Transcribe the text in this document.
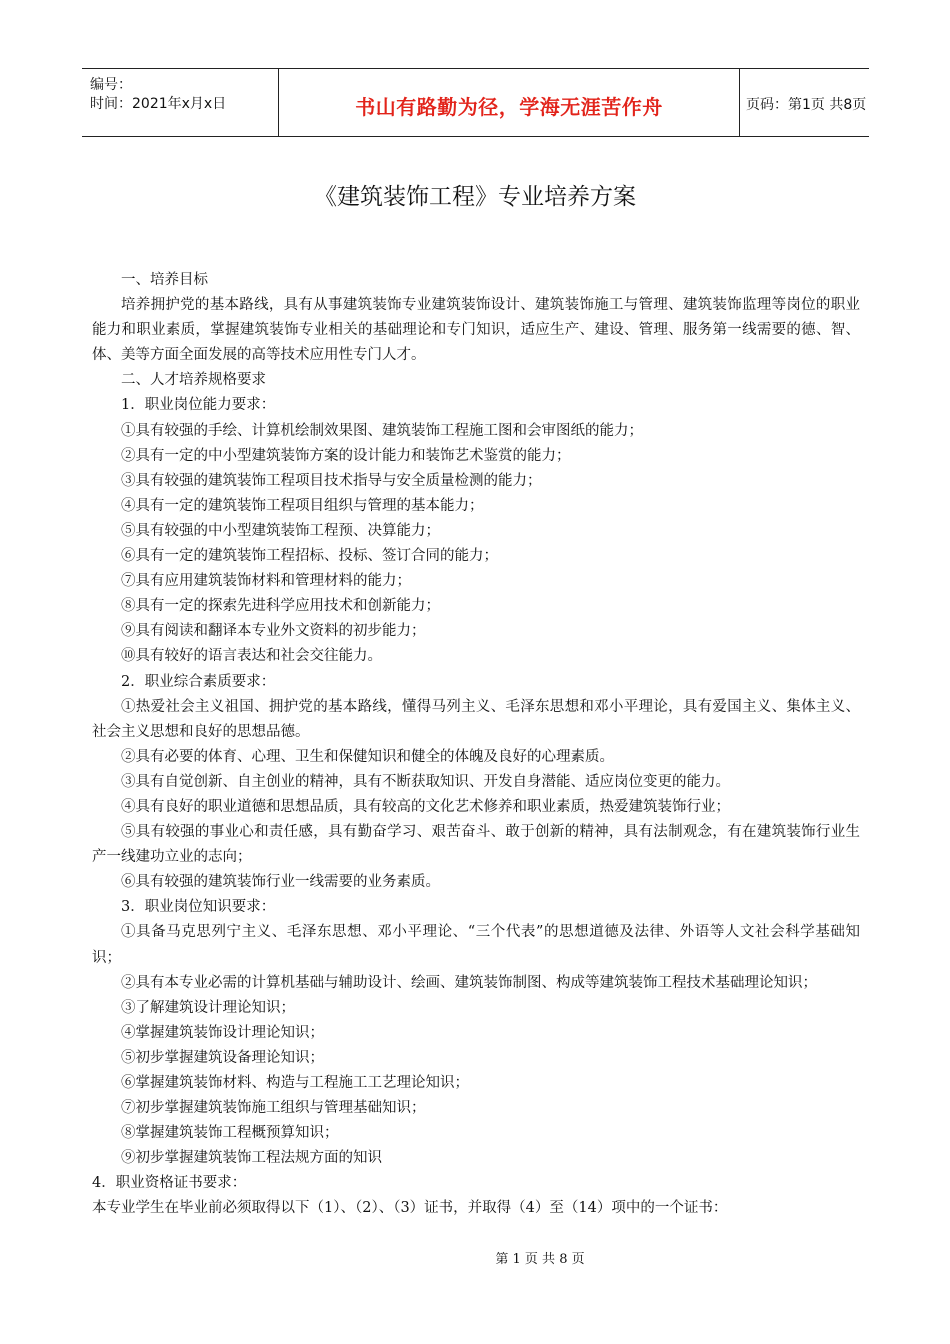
编号：
时间：2021年x月x日	书山有路勤为径，学海无涯苦作舟	页码：第1页 共8页
《建筑装饰工程》专业培养方案

一、培养目标

培养拥护党的基本路线，具有从事建筑装饰专业建筑装饰设计、建筑装饰施工与管理、建筑装饰监理等岗位的职业能力和职业素质，掌握建筑装饰专业相关的基础理论和专门知识，适应生产、建设、管理、服务第一线需要的德、智、体、美等方面全面发展的高等技术应用性专门人才。

二、人才培养规格要求

1．职业岗位能力要求：

①具有较强的手绘、计算机绘制效果图、建筑装饰工程施工图和会审图纸的能力；

②具有一定的中小型建筑装饰方案的设计能力和装饰艺术鉴赏的能力；

③具有较强的建筑装饰工程项目技术指导与安全质量检测的能力；

④具有一定的建筑装饰工程项目组织与管理的基本能力；

⑤具有较强的中小型建筑装饰工程预、决算能力；

⑥具有一定的建筑装饰工程招标、投标、签订合同的能力；

⑦具有应用建筑装饰材料和管理材料的能力；

⑧具有一定的探索先进科学应用技术和创新能力；

⑨具有阅读和翻译本专业外文资料的初步能力；

⑩具有较好的语言表达和社会交往能力。

2．职业综合素质要求：

①热爱社会主义祖国、拥护党的基本路线，懂得马列主义、毛泽东思想和邓小平理论，具有爱国主义、集体主义、社会主义思想和良好的思想品德。

②具有必要的体育、心理、卫生和保健知识和健全的体魄及良好的心理素质。

③具有自觉创新、自主创业的精神，具有不断获取知识、开发自身潜能、适应岗位变更的能力。

④具有良好的职业道德和思想品质，具有较高的文化艺术修养和职业素质，热爱建筑装饰行业；

⑤具有较强的事业心和责任感，具有勤奋学习、艰苦奋斗、敢于创新的精神，具有法制观念，有在建筑装饰行业生产一线建功立业的志向；

⑥具有较强的建筑装饰行业一线需要的业务素质。

3．职业岗位知识要求：

①具备马克思列宁主义、毛泽东思想、邓小平理论、“三个代表”的思想道德及法律、外语等人文社会科学基础知识；

②具有本专业必需的计算机基础与辅助设计、绘画、建筑装饰制图、构成等建筑装饰工程技术基础理论知识；

③了解建筑设计理论知识；

④掌握建筑装饰设计理论知识；

⑤初步掌握建筑设备理论知识；

⑥掌握建筑装饰材料、构造与工程施工工艺理论知识；

⑦初步掌握建筑装饰施工组织与管理基础知识；

⑧掌握建筑装饰工程概预算知识；

⑨初步掌握建筑装饰工程法规方面的知识

4．职业资格证书要求：

本专业学生在毕业前必须取得以下（1）、（2）、（3）证书，并取得（4）至（14）项中的一个证书：

第 1 页 共 8 页
